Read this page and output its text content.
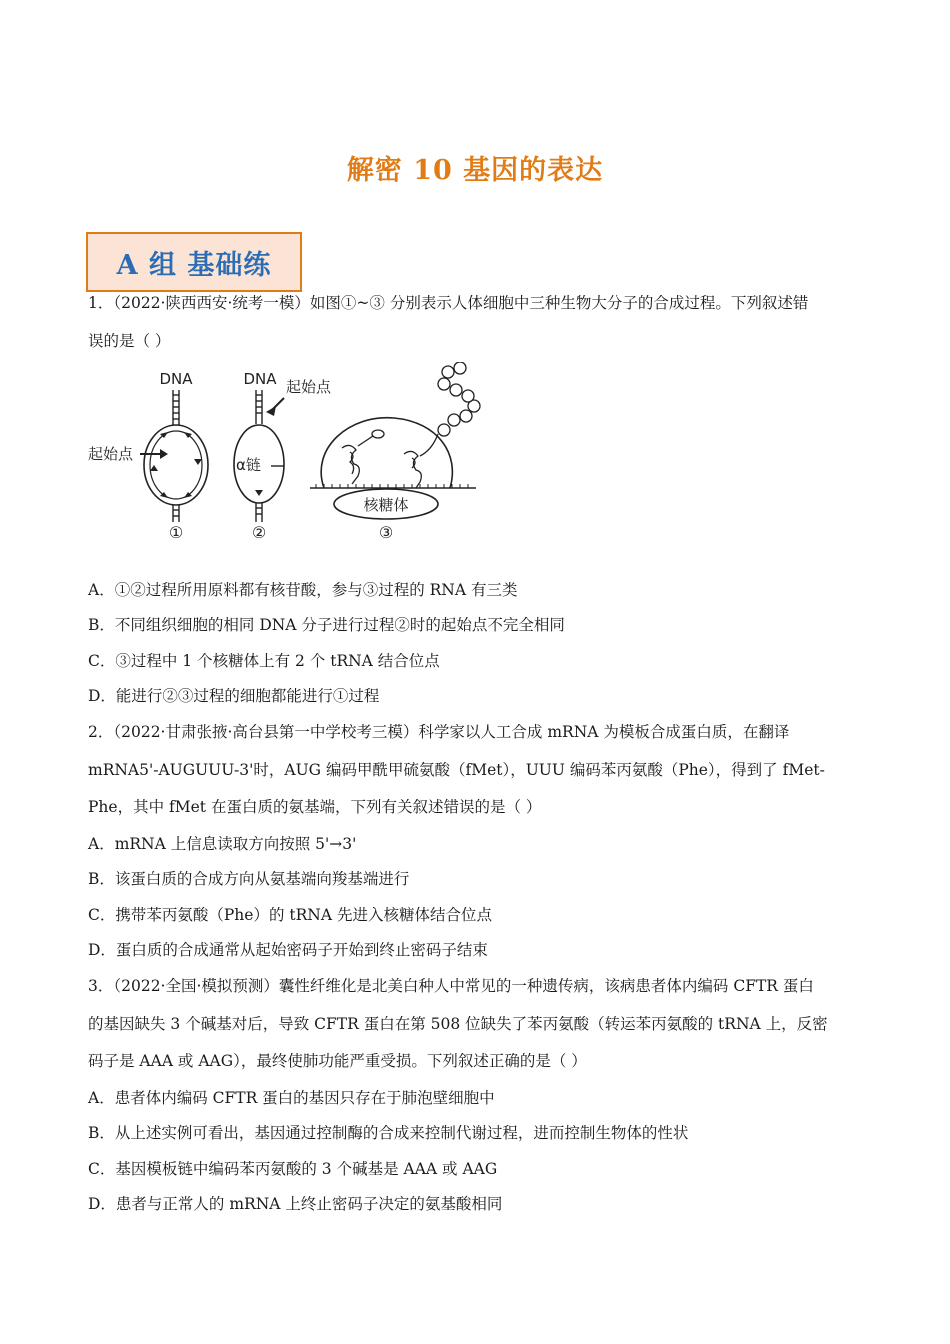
解密 10 基因的表达
A 组 基础练
1．（2022·陕西西安·统考一模）如图①~③ 分别表示人体细胞中三种生物大分子的合成过程。下列叙述错
误的是（ ）
DNA
起始点
①
DNA 起始点
α链
②
核糖体
③
A．①②过程所用原料都有核苷酸，参与③过程的 RNA 有三类
B．不同组织细胞的相同 DNA 分子进行过程②时的起始点不完全相同
C．③过程中 1 个核糖体上有 2 个 tRNA 结合位点
D．能进行②③过程的细胞都能进行①过程
2．（2022·甘肃张掖·高台县第一中学校考三模）科学家以人工合成 mRNA 为模板合成蛋白质，在翻译
mRNA5'-AUGUUU-3'时，AUG 编码甲酰甲硫氨酸（fMet），UUU 编码苯丙氨酸（Phe），得到了 fMet-
Phe，其中 fMet 在蛋白质的氨基端，下列有关叙述错误的是（ ）
A．mRNA 上信息读取方向按照 5'→3'
B．该蛋白质的合成方向从氨基端向羧基端进行
C．携带苯丙氨酸（Phe）的 tRNA 先进入核糖体结合位点
D．蛋白质的合成通常从起始密码子开始到终止密码子结束
3．（2022·全国·模拟预测）囊性纤维化是北美白种人中常见的一种遗传病，该病患者体内编码 CFTR 蛋白
的基因缺失 3 个碱基对后，导致 CFTR 蛋白在第 508 位缺失了苯丙氨酸（转运苯丙氨酸的 tRNA 上，反密
码子是 AAA 或 AAG），最终使肺功能严重受损。下列叙述正确的是（ ）
A．患者体内编码 CFTR 蛋白的基因只存在于肺泡壁细胞中
B．从上述实例可看出，基因通过控制酶的合成来控制代谢过程，进而控制生物体的性状
C．基因模板链中编码苯丙氨酸的 3 个碱基是 AAA 或 AAG
D．患者与正常人的 mRNA 上终止密码子决定的氨基酸相同
